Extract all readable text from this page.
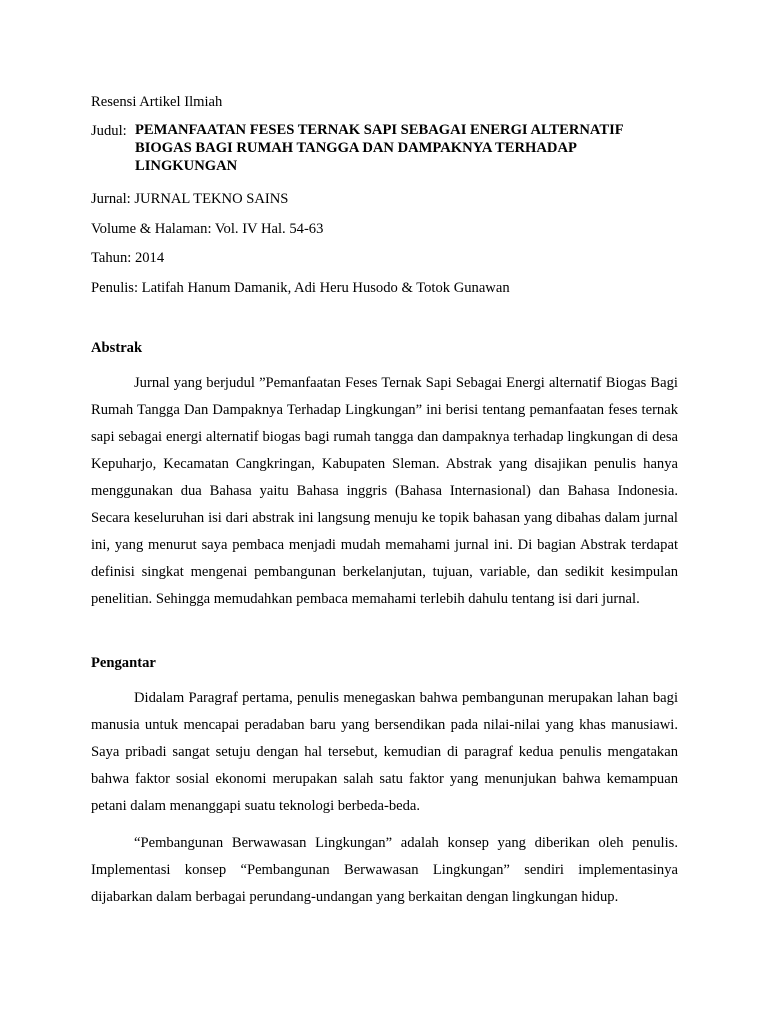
Resensi Artikel Ilmiah
Judul: PEMANFAATAN FESES TERNAK SAPI SEBAGAI ENERGI ALTERNATIF
BIOGAS BAGI RUMAH TANGGA DAN DAMPAKNYA TERHADAP
LINGKUNGAN
Jurnal: JURNAL TEKNO SAINS
Volume & Halaman: Vol. IV Hal. 54-63
Tahun: 2014
Penulis: Latifah Hanum Damanik, Adi Heru Husodo & Totok Gunawan
Abstrak

Jurnal yang berjudul ”Pemanfaatan Feses Ternak Sapi Sebagai Energi alternatif Biogas Bagi Rumah Tangga Dan Dampaknya Terhadap Lingkungan” ini berisi tentang pemanfaatan feses ternak sapi sebagai energi alternatif biogas bagi rumah tangga dan dampaknya terhadap lingkungan di desa Kepuharjo, Kecamatan Cangkringan, Kabupaten Sleman. Abstrak yang disajikan penulis hanya menggunakan dua Bahasa yaitu Bahasa inggris (Bahasa Internasional) dan Bahasa Indonesia. Secara keseluruhan isi dari abstrak ini langsung menuju ke topik bahasan yang dibahas dalam jurnal ini, yang menurut saya pembaca menjadi mudah memahami jurnal ini. Di bagian Abstrak terdapat definisi singkat mengenai pembangunan berkelanjutan, tujuan, variable, dan sedikit kesimpulan penelitian. Sehingga memudahkan pembaca memahami terlebih dahulu tentang isi dari jurnal.

Pengantar

Didalam Paragraf pertama, penulis menegaskan bahwa pembangunan merupakan lahan bagi manusia untuk mencapai peradaban baru yang bersendikan pada nilai-nilai yang khas manusiawi. Saya pribadi sangat setuju dengan hal tersebut, kemudian di paragraf kedua penulis mengatakan bahwa faktor sosial ekonomi merupakan salah satu faktor yang menunjukan bahwa kemampuan petani dalam menanggapi suatu teknologi berbeda-beda.

“Pembangunan Berwawasan Lingkungan” adalah konsep yang diberikan oleh penulis. Implementasi konsep “Pembangunan Berwawasan Lingkungan” sendiri implementasinya dijabarkan dalam berbagai perundang-undangan yang berkaitan dengan lingkungan hidup.
